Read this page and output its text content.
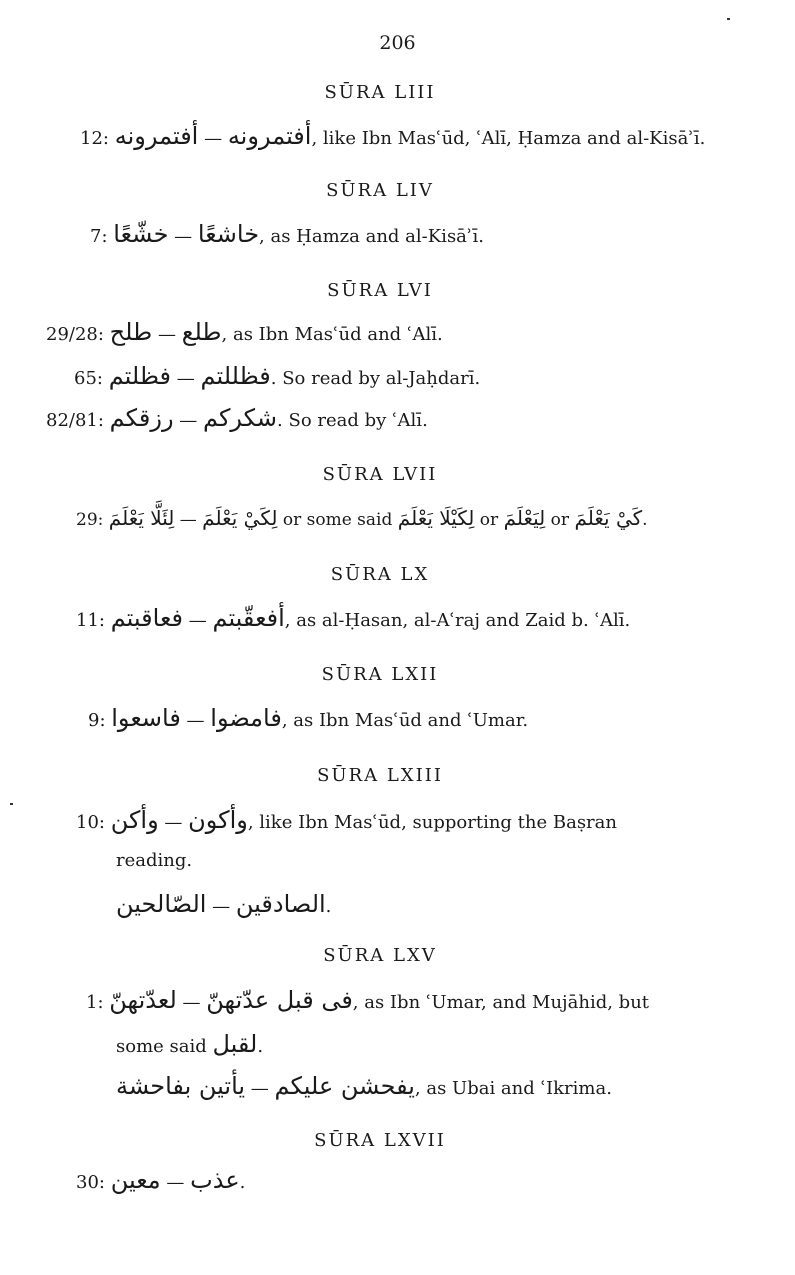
206
SŪRA LIII
12: أفتمرونه — أفتمرونه, like Ibn Masʿūd, ʿAlī, Ḥamza and al-Kisāʾī.
SŪRA LIV
7: خشّعًا — خاشعًا, as Ḥamza and al-Kisāʾī.
SŪRA LVI
29/28: طلح — طلع, as Ibn Masʿūd and ʿAlī.
65: فظلتم — فظللتم. So read by al-Jaḥdarī.
82/81: رزقكم — شكركم. So read by ʿAlī.
SŪRA LVII
29: لِئَلَّا يَعْلَمَ — لِكَيْ يَعْلَمَ or some said لِكَيْلَا يَعْلَمَ or لِيَعْلَمَ or كَيْ يَعْلَمَ.
SŪRA LX
11: فعاقبتم — أفعقّبتم, as al-Ḥasan, al-Aʿraj and Zaid b. ʿAlī.
SŪRA LXII
9: فاسعوا — فامضوا, as Ibn Masʿūd and ʿUmar.
SŪRA LXIII
10: وأكن — وأكون, like Ibn Masʿūd, supporting the Baṣran
reading.
الصّالحين — الصادقين.
SŪRA LXV
1: لعدّتهنّ — فى قبل عدّتهنّ, as Ibn ʿUmar, and Mujāhid, but
some said لقبل.
يأتين بفاحشة — يفحشن عليكم, as Ubai and ʿIkrima.
SŪRA LXVII
30: معين — عذب.
